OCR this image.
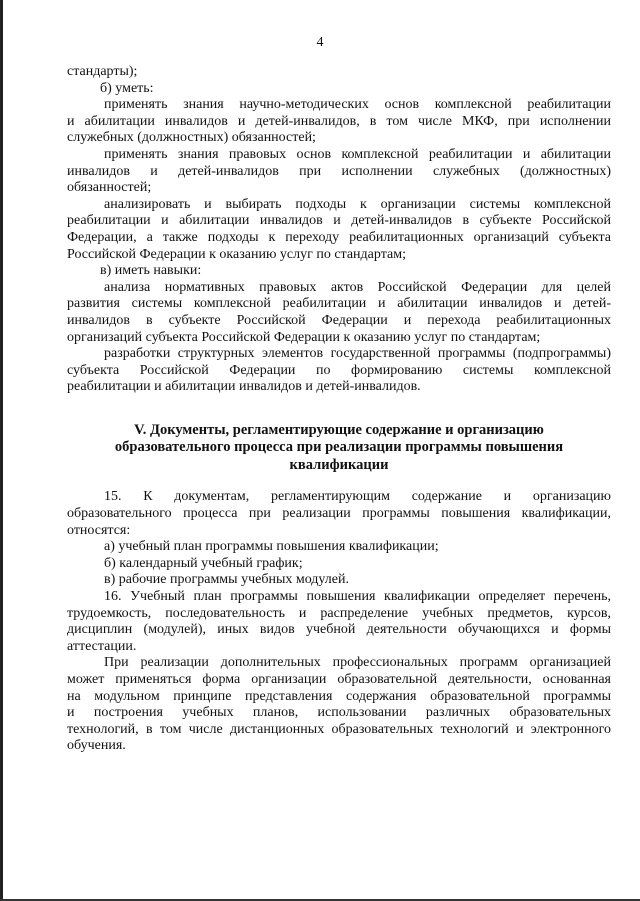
4
стандарты);
б) уметь:
применять знания научно-методических основ комплексной реабилитации
и абилитации инвалидов и детей-инвалидов, в том числе МКФ, при исполнении
служебных (должностных) обязанностей;
применять знания правовых основ комплексной реабилитации и абилитации
инвалидов и детей-инвалидов при исполнении служебных (должностных)
обязанностей;
анализировать и выбирать подходы к организации системы комплексной
реабилитации и абилитации инвалидов и детей-инвалидов в субъекте Российской
Федерации, а также подходы к переходу реабилитационных организаций субъекта
Российской Федерации к оказанию услуг по стандартам;
в) иметь навыки:
анализа нормативных правовых актов Российской Федерации для целей
развития системы комплексной реабилитации и абилитации инвалидов и детей-
инвалидов в субъекте Российской Федерации и перехода реабилитационных
организаций субъекта Российской Федерации к оказанию услуг по стандартам;
разработки структурных элементов государственной программы (подпрограммы)
субъекта Российской Федерации по формированию системы комплексной
реабилитации и абилитации инвалидов и детей-инвалидов.
V. Документы, регламентирующие содержание и организацию
образовательного процесса при реализации программы повышения
квалификации
15. К документам, регламентирующим содержание и организацию
образовательного процесса при реализации программы повышения квалификации,
относятся:
а) учебный план программы повышения квалификации;
б) календарный учебный график;
в) рабочие программы учебных модулей.
16. Учебный план программы повышения квалификации определяет перечень,
трудоемкость, последовательность и распределение учебных предметов, курсов,
дисциплин (модулей), иных видов учебной деятельности обучающихся и формы
аттестации.
При реализации дополнительных профессиональных программ организацией
может применяться форма организации образовательной деятельности, основанная
на модульном принципе представления содержания образовательной программы
и построения учебных планов, использовании различных образовательных
технологий, в том числе дистанционных образовательных технологий и электронного
обучения.
